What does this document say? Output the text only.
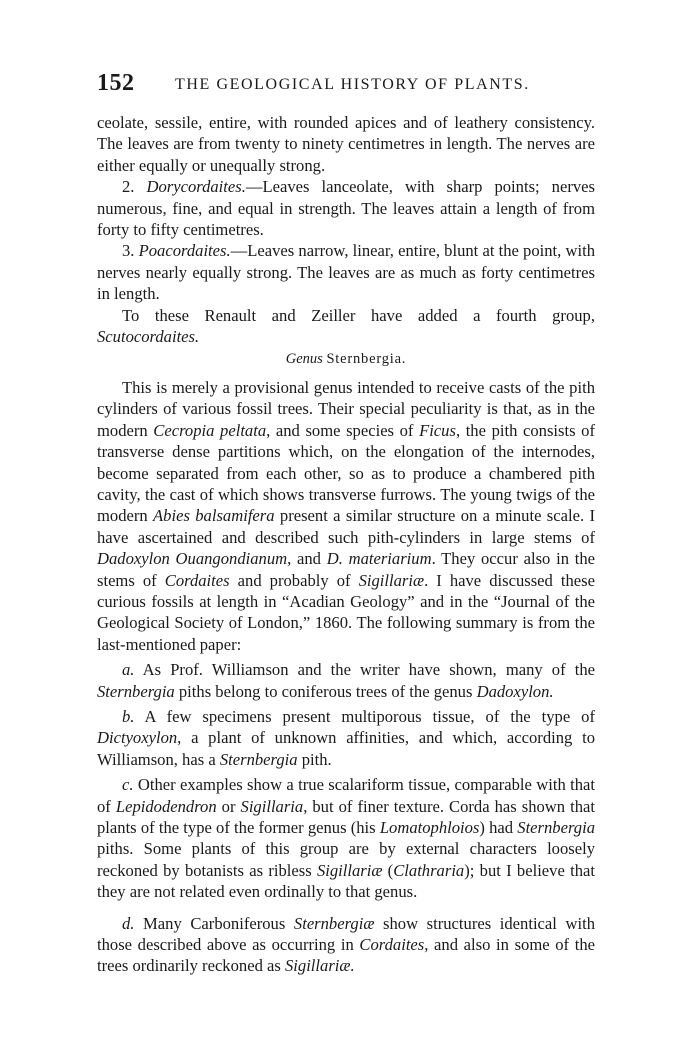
152	THE GEOLOGICAL HISTORY OF PLANTS.

ceolate, sessile, entire, with rounded apices and of leathery consistency. The leaves are from twenty to ninety centimetres in length. The nerves are either equally or unequally strong.

2. Dorycordaites.—Leaves lanceolate, with sharp points; nerves numerous, fine, and equal in strength. The leaves attain a length of from forty to fifty centimetres.

3. Poacordaites.—Leaves narrow, linear, entire, blunt at the point, with nerves nearly equally strong. The leaves are as much as forty centimetres in length.

To these Renault and Zeiller have added a fourth group, Scutocordaites.

Genus Sternbergia.

This is merely a provisional genus intended to receive casts of the pith cylinders of various fossil trees. Their special peculiarity is that, as in the modern Cecropia peltata, and some species of Ficus, the pith consists of transverse dense partitions which, on the elongation of the internodes, become separated from each other, so as to produce a chambered pith cavity, the cast of which shows transverse furrows. The young twigs of the modern Abies balsamifera present a similar structure on a minute scale. I have ascertained and described such pith-cylinders in large stems of Dadoxylon Ouangondianum, and D. materiarium. They occur also in the stems of Cordaites and probably of Sigillariæ. I have discussed these curious fossils at length in “Acadian Geology” and in the “Journal of the Geological Society of London,” 1860. The following summary is from the last-mentioned paper:

a. As Prof. Williamson and the writer have shown, many of the Sternbergia piths belong to coniferous trees of the genus Dadoxylon.

b. A few specimens present multiporous tissue, of the type of Dictyoxylon, a plant of unknown affinities, and which, according to Williamson, has a Sternbergia pith.

c. Other examples show a true scalariform tissue, comparable with that of Lepidodendron or Sigillaria, but of finer texture. Corda has shown that plants of the type of the former genus (his Lomatophloios) had Sternbergia piths. Some plants of this group are by external characters loosely reckoned by botanists as ribless Sigillariæ (Clathraria); but I believe that they are not related even ordinally to that genus.

d. Many Carboniferous Sternbergiæ show structures identical with those described above as occurring in Cordaites, and also in some of the trees ordinarily reckoned as Sigillariæ.
